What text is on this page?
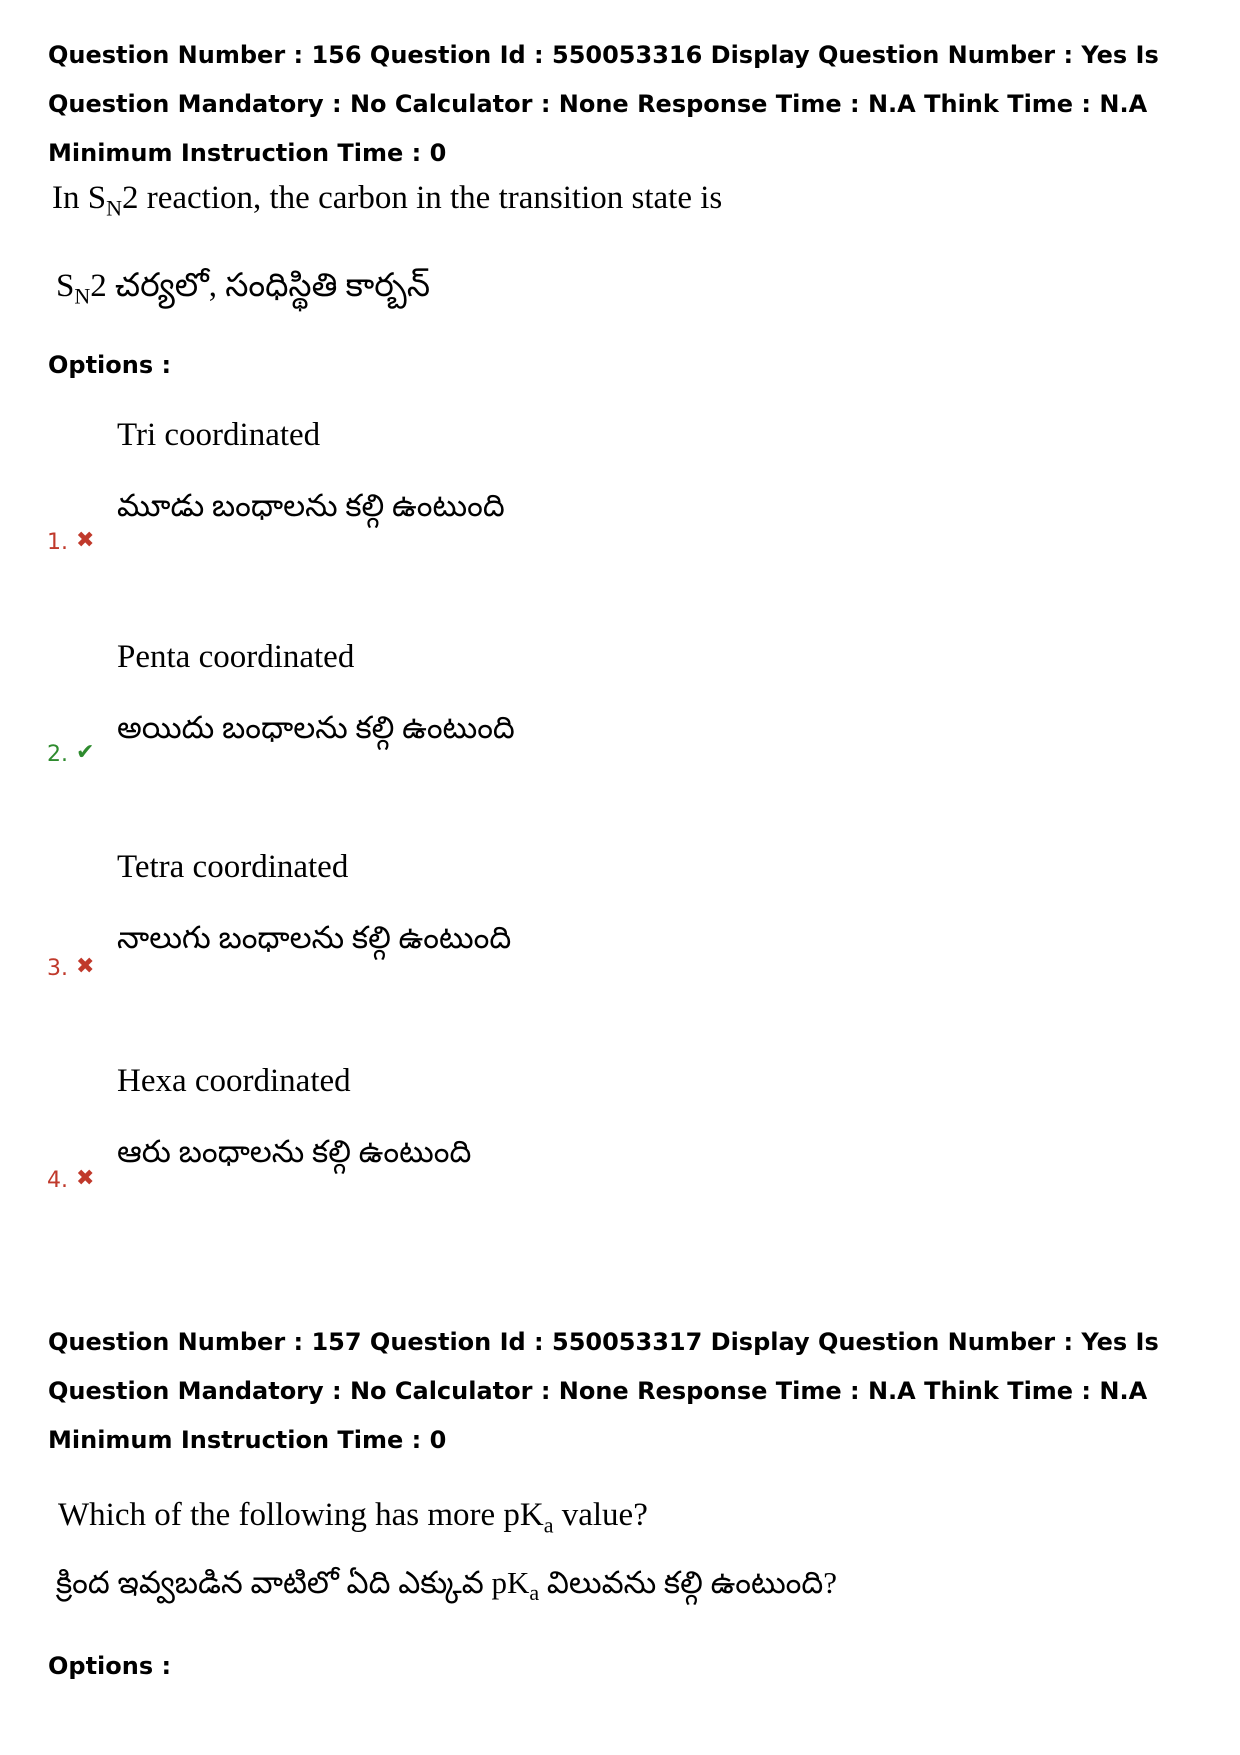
Question Number : 156 Question Id : 550053316 Display Question Number : Yes Is Question Mandatory : No Calculator : None Response Time : N.A Think Time : N.A Minimum Instruction Time : 0
In $S_N2$ reaction, the carbon in the transition state is
$S_N2$ చర్యలో, సంధిస్థితి కార్బన్
Options :
Tri coordinated
మూడు బంధాలను కల్గి ఉంటుంది
1. ✖
Penta coordinated
అయిదు బంధాలను కల్గి ఉంటుంది
2. ✔
Tetra coordinated
నాలుగు బంధాలను కల్గి ఉంటుంది
3. ✖
Hexa coordinated
ఆరు బంధాలను కల్గి ఉంటుంది
4. ✖
Question Number : 157 Question Id : 550053317 Display Question Number : Yes Is Question Mandatory : No Calculator : None Response Time : N.A Think Time : N.A Minimum Instruction Time : 0
Which of the following has more $pK_a$ value?
క్రింద ఇవ్వబడిన వాటిలో ఏది ఎక్కువ $pK_a$ విలువను కల్గి ఉంటుంది?
Options :
